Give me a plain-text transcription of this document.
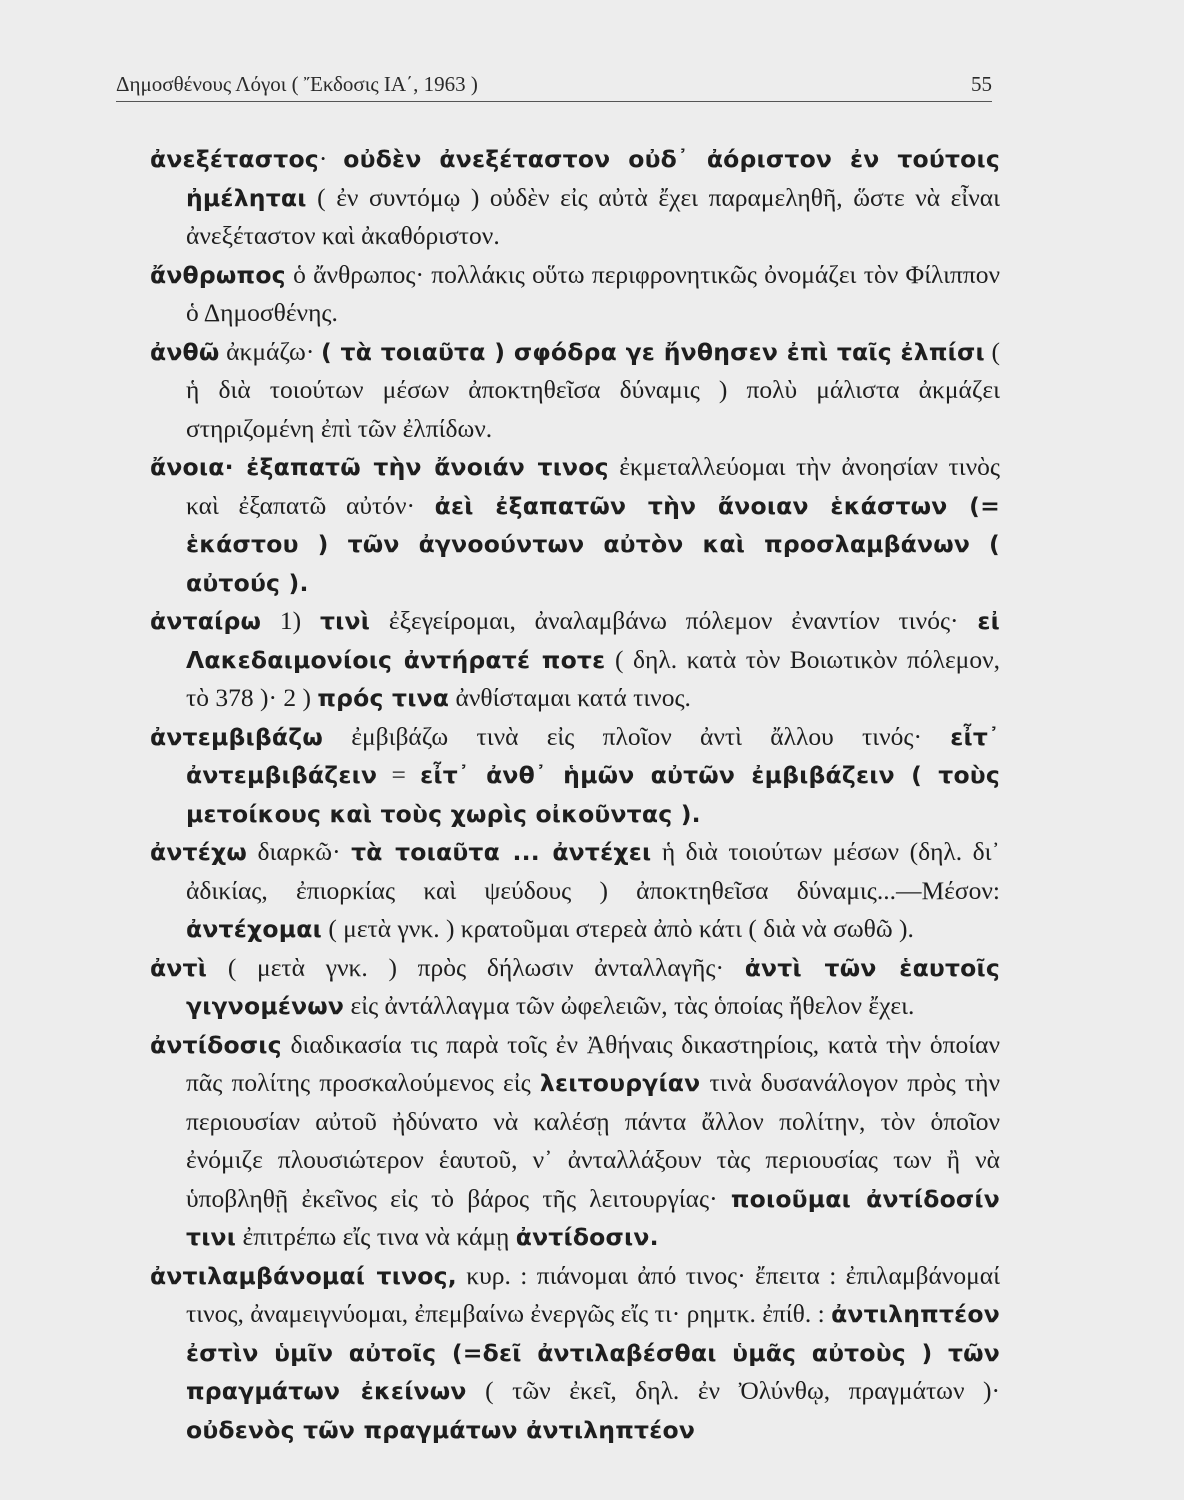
Δημοσθένους Λόγοι ( Ἔκδοσις ΙΑ΄, 1963 )	55

ἀνεξέταστος· οὐδὲν ἀνεξέταστον οὐδ᾿ ἀόριστον ἐν τούτοις ἠμέληται ( ἐν συντόμῳ ) οὐδὲν εἰς αὐτὰ ἔχει παραμεληθῆ, ὥστε νὰ εἶναι ἀνεξέταστον καὶ ἀκαθόριστον.

ἄνθρωπος ὁ ἄνθρωπος· πολλάκις οὕτω περιφρονητικῶς ὀνομάζει τὸν Φίλιππον ὁ Δημοσθένης.

ἀνθῶ ἀκμάζω· ( τὰ τοιαῦτα ) σφόδρα γε ἤνθησεν ἐπὶ ταῖς ἐλπίσι ( ἡ διὰ τοιούτων μέσων ἀποκτηθεῖσα δύναμις ) πολὺ μάλιστα ἀκμάζει στηριζομένη ἐπὶ τῶν ἐλπίδων.

ἄνοια· ἐξαπατῶ τὴν ἄνοιάν τινος ἐκμεταλλεύομαι τὴν ἀνοησίαν τινὸς καὶ ἐξαπατῶ αὐτόν· ἀεὶ ἐξαπατῶν τὴν ἄνοιαν ἑκάστων (= ἑκάστου ) τῶν ἀγνοούντων αὐτὸν καὶ προσλαμβάνων ( αὐτούς ).

ἀνταίρω 1) τινὶ ἐξεγείρομαι, ἀναλαμβάνω πόλεμον ἐναντίον τινός· εἰ Λακεδαιμονίοις ἀντήρατέ ποτε ( δηλ. κατὰ τὸν Βοιωτικὸν πόλεμον, τὸ 378 )· 2 ) πρός τινα ἀνθίσταμαι κατά τινος.

ἀντεμβιβάζω ἐμβιβάζω τινὰ εἰς πλοῖον ἀντὶ ἄλλου τινός· εἶτ᾿ ἀντεμβιβάζειν = εἶτ᾿ ἀνθ᾿ ἡμῶν αὐτῶν ἐμβιβάζειν ( τοὺς μετοίκους καὶ τοὺς χωρὶς οἰκοῦντας ).

ἀντέχω διαρκῶ· τὰ τοιαῦτα ... ἀντέχει ἡ διὰ τοιούτων μέσων (δηλ. δι᾿ ἀδικίας, ἐπιορκίας καὶ ψεύδους ) ἀποκτηθεῖσα δύναμις...—Μέσον: ἀντέχομαι ( μετὰ γνκ. ) κρατοῦμαι στερεὰ ἀπὸ κάτι ( διὰ νὰ σωθῶ ).

ἀντὶ ( μετὰ γνκ. ) πρὸς δήλωσιν ἀνταλλαγῆς· ἀντὶ τῶν ἑαυτοῖς γιγνομένων εἰς ἀντάλλαγμα τῶν ὠφελειῶν, τὰς ὁποίας ἤθελον ἔχει.

ἀντίδοσις διαδικασία τις παρὰ τοῖς ἐν Ἀθήναις δικαστηρίοις, κατὰ τὴν ὁποίαν πᾶς πολίτης προσκαλούμενος εἰς λειτουργίαν τινὰ δυσανάλογον πρὸς τὴν περιουσίαν αὐτοῦ ἠδύνατο νὰ καλέσῃ πάντα ἄλλον πολίτην, τὸν ὁποῖον ἐνόμιζε πλουσιώτερον ἑαυτοῦ, ν᾿ ἀνταλλάξουν τὰς περιουσίας των ἢ νὰ ὑποβληθῇ ἐκεῖνος εἰς τὸ βάρος τῆς λειτουργίας· ποιοῦμαι ἀντίδοσίν τινι ἐπιτρέπω εἴς τινα νὰ κάμῃ ἀντίδοσιν.

ἀντιλαμβάνομαί τινος, κυρ. : πιάνομαι ἀπό τινος· ἔπειτα : ἐπιλαμβάνομαί τινος, ἀναμειγνύομαι, ἐπεμβαίνω ἐνεργῶς εἴς τι· ρημτκ. ἐπίθ. : ἀντιληπτέον ἐστὶν ὑμῖν αὐτοῖς (=δεῖ ἀντιλαβέσθαι ὑμᾶς αὐτοὺς ) τῶν πραγμάτων ἐκείνων ( τῶν ἐκεῖ, δηλ. ἐν Ὀλύνθῳ, πραγμάτων )· οὐδενὸς τῶν πραγμάτων ἀντιληπτέον
